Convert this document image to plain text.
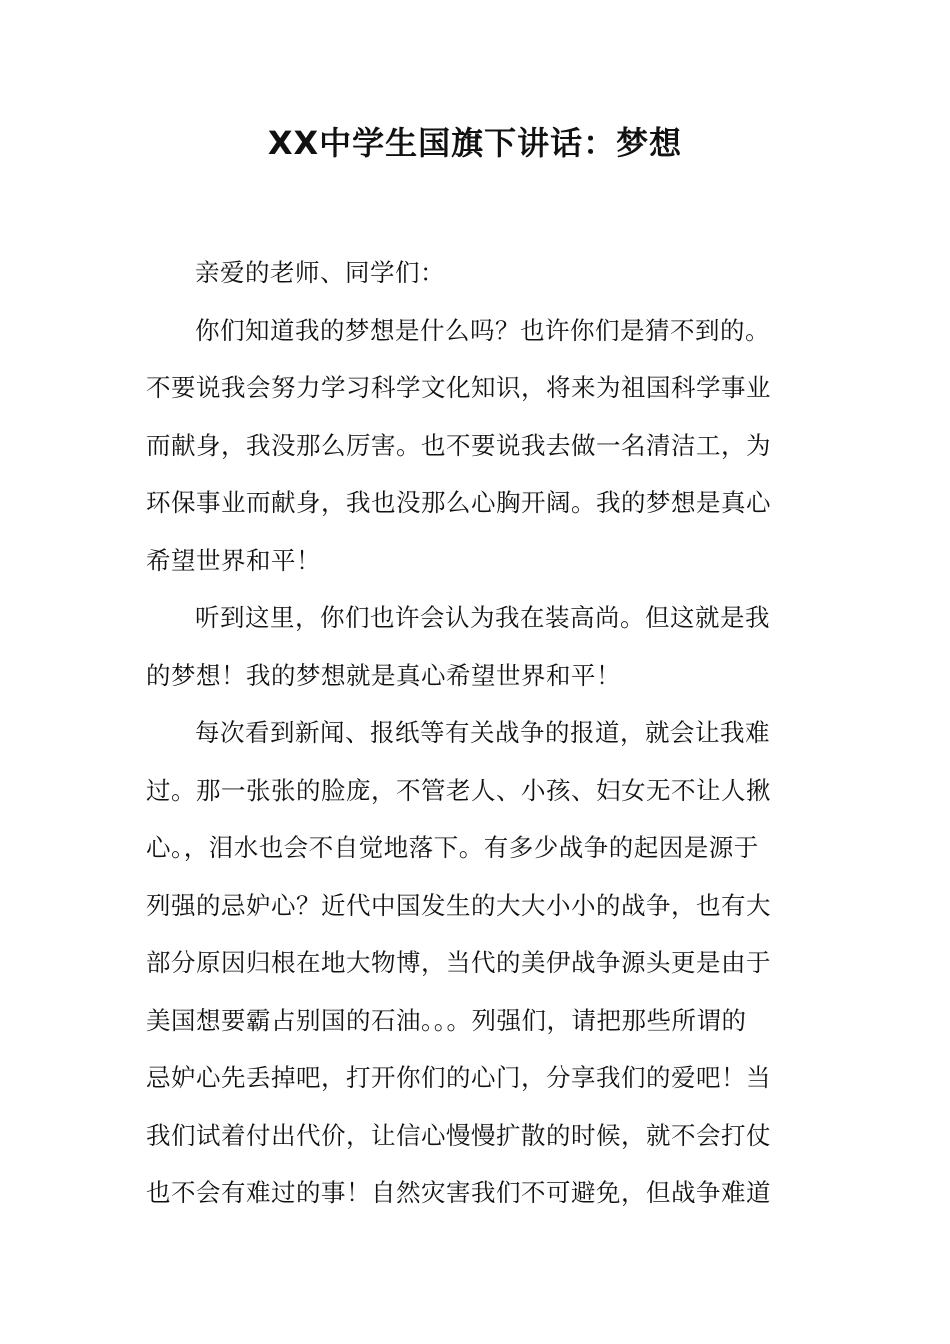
XX中学生国旗下讲话：梦想
亲爱的老师、同学们：
你们知道我的梦想是什么吗？也许你们是猜不到的。
不要说我会努力学习科学文化知识，将来为祖国科学事业
而献身，我没那么厉害。也不要说我去做一名清洁工，为
环保事业而献身，我也没那么心胸开阔。我的梦想是真心
希望世界和平！
听到这里，你们也许会认为我在装高尚。但这就是我
的梦想！我的梦想就是真心希望世界和平！
每次看到新闻、报纸等有关战争的报道，就会让我难
过。那一张张的脸庞，不管老人、小孩、妇女无不让人揪
心。，泪水也会不自觉地落下。有多少战争的起因是源于
列强的忌妒心？近代中国发生的大大小小的战争，也有大
部分原因归根在地大物博，当代的美伊战争源头更是由于
美国想要霸占别国的石油。。。列强们，请把那些所谓的
忌妒心先丢掉吧，打开你们的心门，分享我们的爱吧！当
我们试着付出代价，让信心慢慢扩散的时候，就不会打仗
也不会有难过的事！自然灾害我们不可避免，但战争难道
